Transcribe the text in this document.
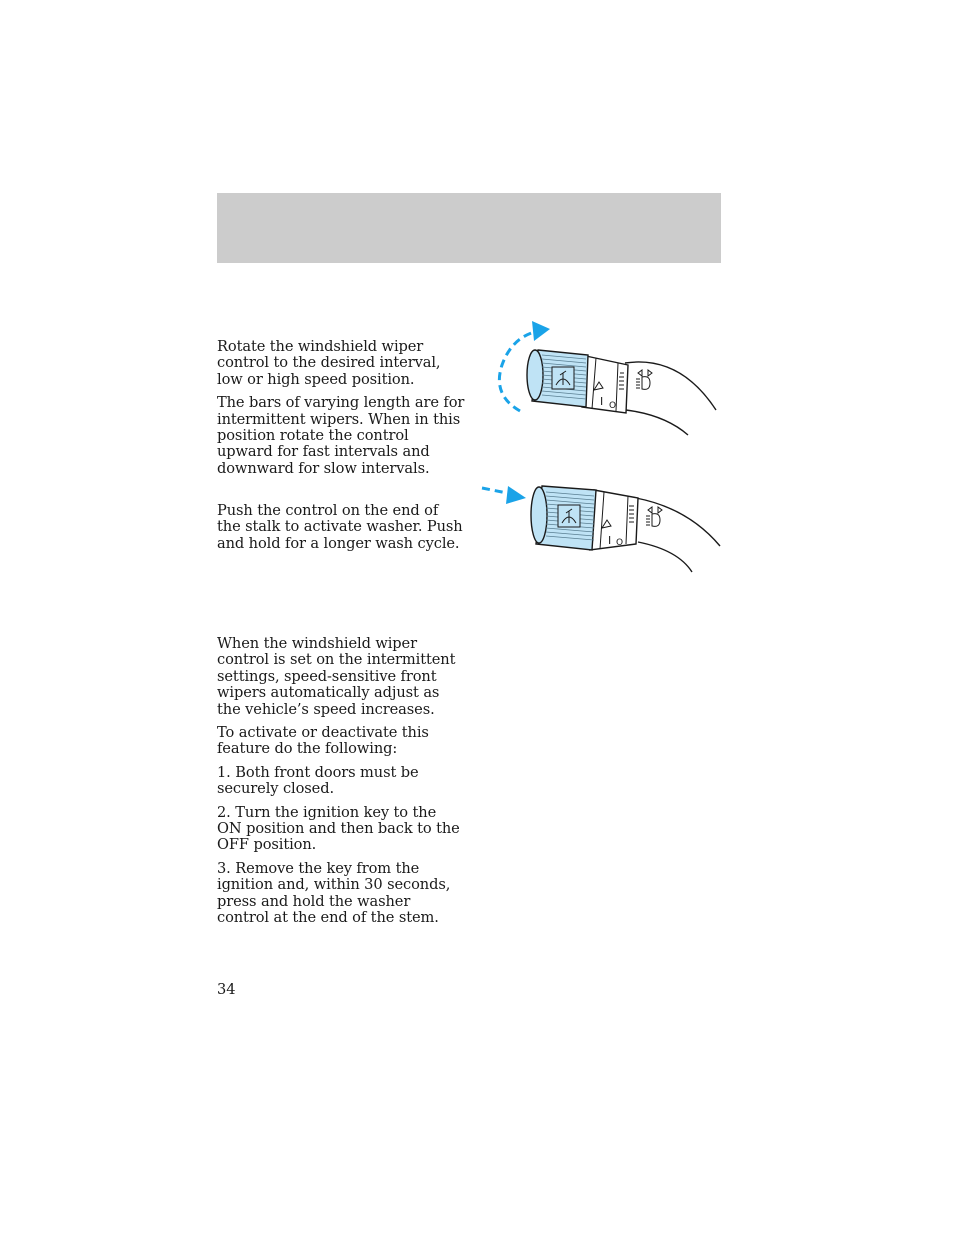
Rotate the windshield wiper control to the desired interval, low or high speed position.

The bars of varying length are for intermittent wipers. When in this position rotate the control upward for fast intervals and downward for slow intervals.

Push the control on the end of the stalk to activate washer. Push and hold for a longer wash cycle.

When the windshield wiper control is set on the intermittent settings, speed-sensitive front wipers automatically adjust as the vehicle’s speed increases.

To activate or deactivate this feature do the following:

1. Both front doors must be securely closed.

2. Turn the ignition key to the ON position and then back to the OFF position.

3. Remove the key from the ignition and, within 30 seconds, press and hold the washer control at the end of the stem.

I O
I O
34
